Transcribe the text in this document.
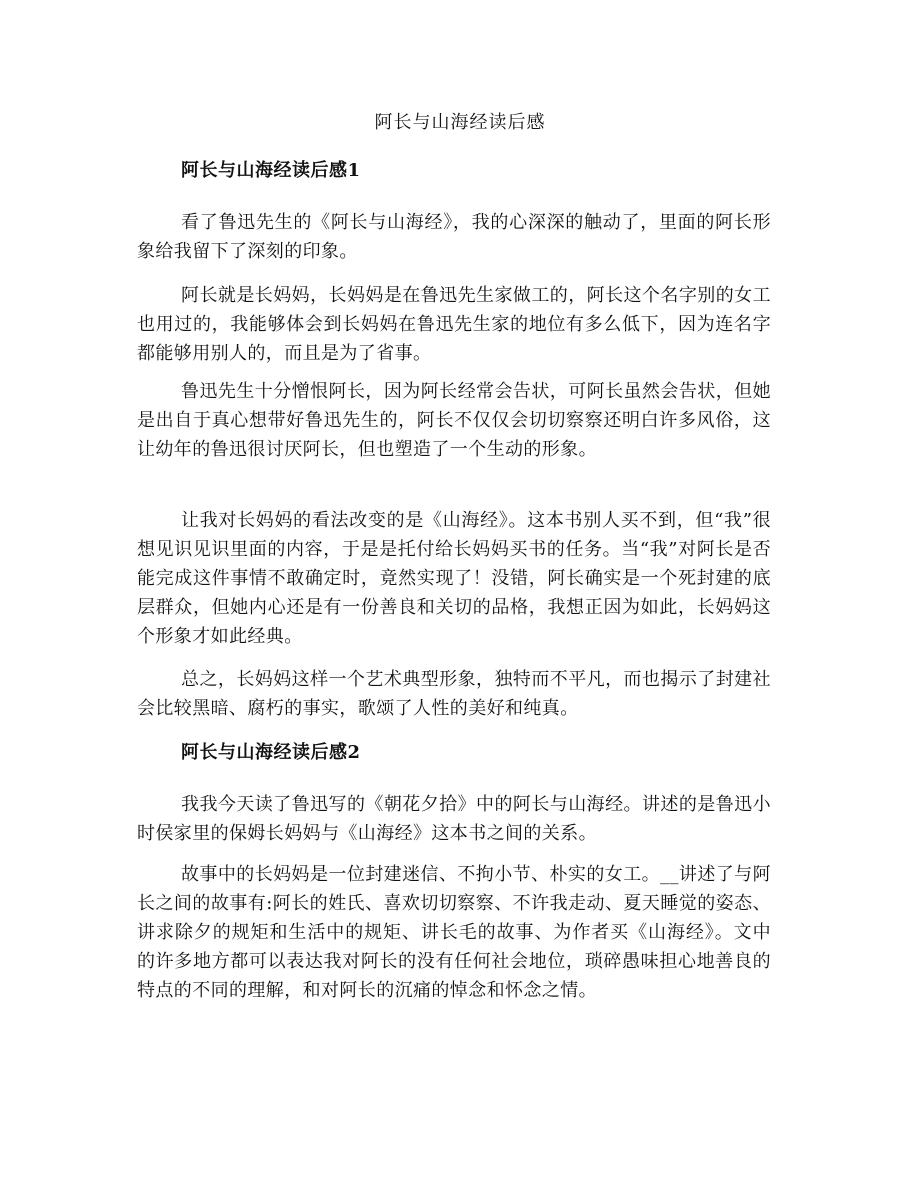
阿长与山海经读后感
阿长与山海经读后感1

看了鲁迅先生的《阿长与山海经》，我的心深深的触动了，里面的阿长形象给我留下了深刻的印象。

阿长就是长妈妈，长妈妈是在鲁迅先生家做工的，阿长这个名字别的女工也用过的，我能够体会到长妈妈在鲁迅先生家的地位有多么低下，因为连名字都能够用别人的，而且是为了省事。

鲁迅先生十分憎恨阿长，因为阿长经常会告状，可阿长虽然会告状，但她是出自于真心想带好鲁迅先生的，阿长不仅仅会切切察察还明白许多风俗，这让幼年的鲁迅很讨厌阿长，但也塑造了一个生动的形象。

让我对长妈妈的看法改变的是《山海经》。这本书别人买不到，但“我”很想见识见识里面的内容，于是是托付给长妈妈买书的任务。当“我”对阿长是否能完成这件事情不敢确定时，竟然实现了！没错，阿长确实是一个死封建的底层群众，但她内心还是有一份善良和关切的品格，我想正因为如此，长妈妈这个形象才如此经典。

总之，长妈妈这样一个艺术典型形象，独特而不平凡，而也揭示了封建社会比较黑暗、腐朽的事实，歌颂了人性的美好和纯真。

阿长与山海经读后感2

我我今天读了鲁迅写的《朝花夕拾》中的阿长与山海经。讲述的是鲁迅小时侯家里的保姆长妈妈与《山海经》这本书之间的关系。

故事中的长妈妈是一位封建迷信、不拘小节、朴实的女工。__讲述了与阿长之间的故事有:阿长的姓氏、喜欢切切察察、不许我走动、夏天睡觉的姿态、讲求除夕的规矩和生活中的规矩、讲长毛的故事、为作者买《山海经》。文中的许多地方都可以表达我对阿长的没有任何社会地位，琐碎愚味担心地善良的特点的不同的理解，和对阿长的沉痛的悼念和怀念之情。
